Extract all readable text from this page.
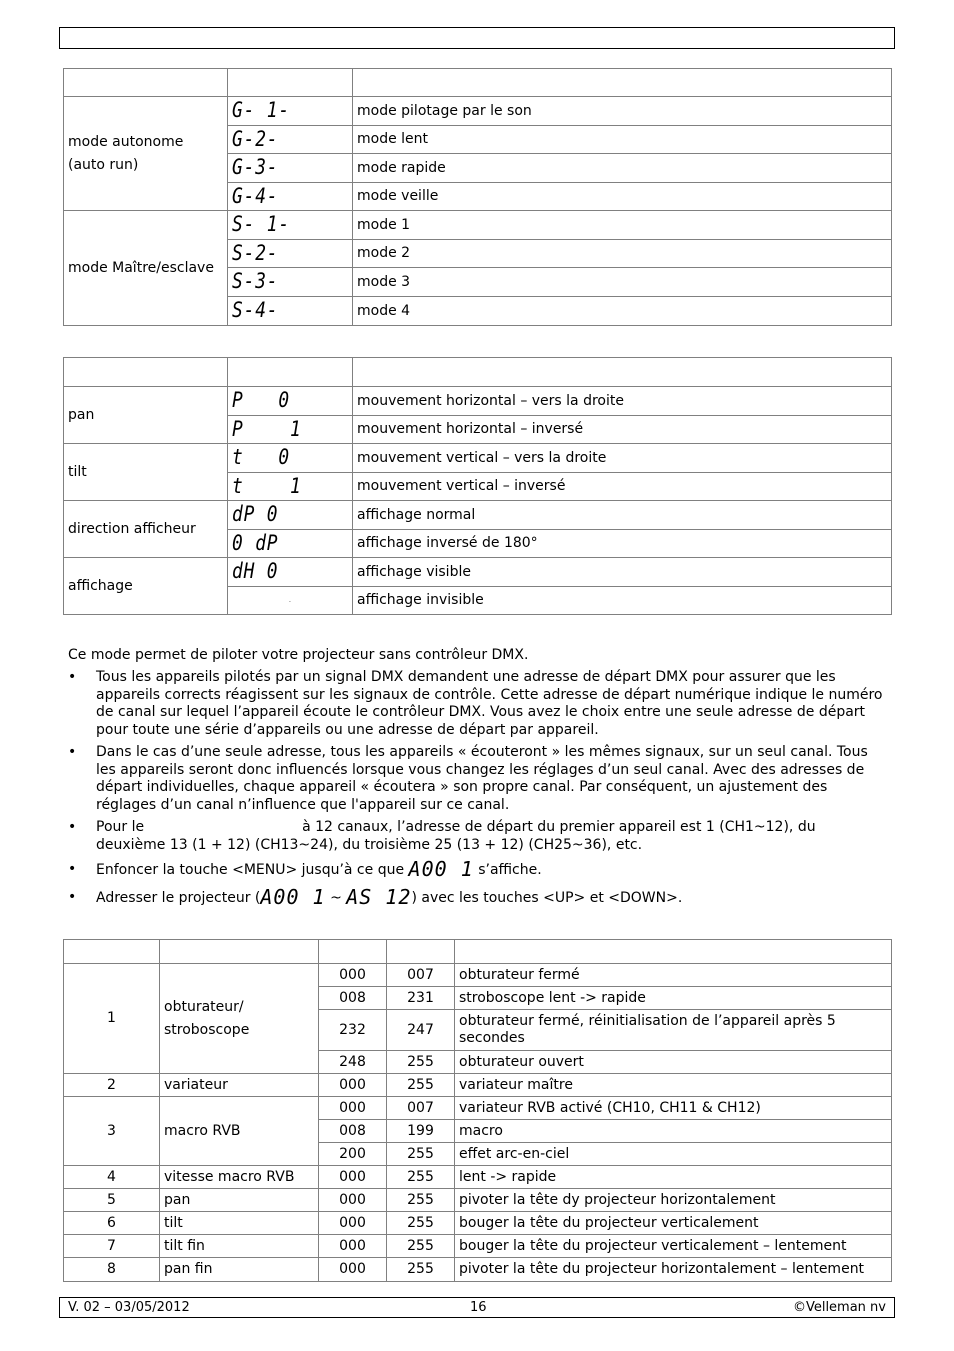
mode autonome
(auto run)	G- 1-	mode pilotage par le son
	G-2-	mode lent
	G-3-	mode rapide
	G-4-	mode veille
mode Maître/esclave	S- 1-	mode 1
	S-2-	mode 2
	S-3-	mode 3
	S-4-	mode 4

pan	P   0	mouvement horizontal – vers la droite
	P    1	mouvement horizontal – inversé
tilt	t   0	mouvement vertical – vers la droite
	t    1	mouvement vertical – inversé
direction afficheur	dP 0	affichage normal
	0 dP	affichage inversé de 180°
affichage	dH 0	affichage visible
	.	affichage invisible

Ce mode permet de piloter votre projecteur sans contrôleur DMX.

• Tous les appareils pilotés par un signal DMX demandent une adresse de départ DMX pour assurer que les appareils corrects réagissent sur les signaux de contrôle. Cette adresse de départ numérique indique le numéro de canal sur lequel l’appareil écoute le contrôleur DMX. Vous avez le choix entre une seule adresse de départ pour toute une série d’appareils ou une adresse de départ par appareil.
• Dans le cas d’une seule adresse, tous les appareils « écouteront » les mêmes signaux, sur un seul canal. Tous les appareils seront donc influencés lorsque vous changez les réglages d’un seul canal. Avec des adresses de départ individuelles, chaque appareil « écoutera » son propre canal. Par conséquent, un ajustement des réglages d’un canal n’influence que l'appareil sur ce canal.
• Pour le	à 12 canaux, l’adresse de départ du premier appareil est 1 (CH1~12), du deuxième 13 (1 + 12) (CH13~24), du troisième 25 (13 + 12) (CH25~36), etc.
• Enfoncer la touche <MENU> jusqu’à ce que A00 1 s’affiche.
• Adresser le projecteur (A00 1 ~ AS 12) avec les touches <UP> et <DOWN>.

1	obturateur/
stroboscope	000	007	obturateur fermé
		008	231	stroboscope lent -> rapide
		232	247	obturateur fermé, réinitialisation de l’appareil après 5 secondes
		248	255	obturateur ouvert
2	variateur	000	255	variateur maître
3	macro RVB	000	007	variateur RVB activé (CH10, CH11 & CH12)
		008	199	macro
		200	255	effet arc-en-ciel
4	vitesse macro RVB	000	255	lent -> rapide
5	pan	000	255	pivoter la tête dy projecteur horizontalement
6	tilt	000	255	bouger la tête du projecteur verticalement
7	tilt fin	000	255	bouger la tête du projecteur verticalement – lentement
8	pan fin	000	255	pivoter la tête du projecteur horizontalement – lentement
V. 02 – 03/05/2012	16	©Velleman nv
